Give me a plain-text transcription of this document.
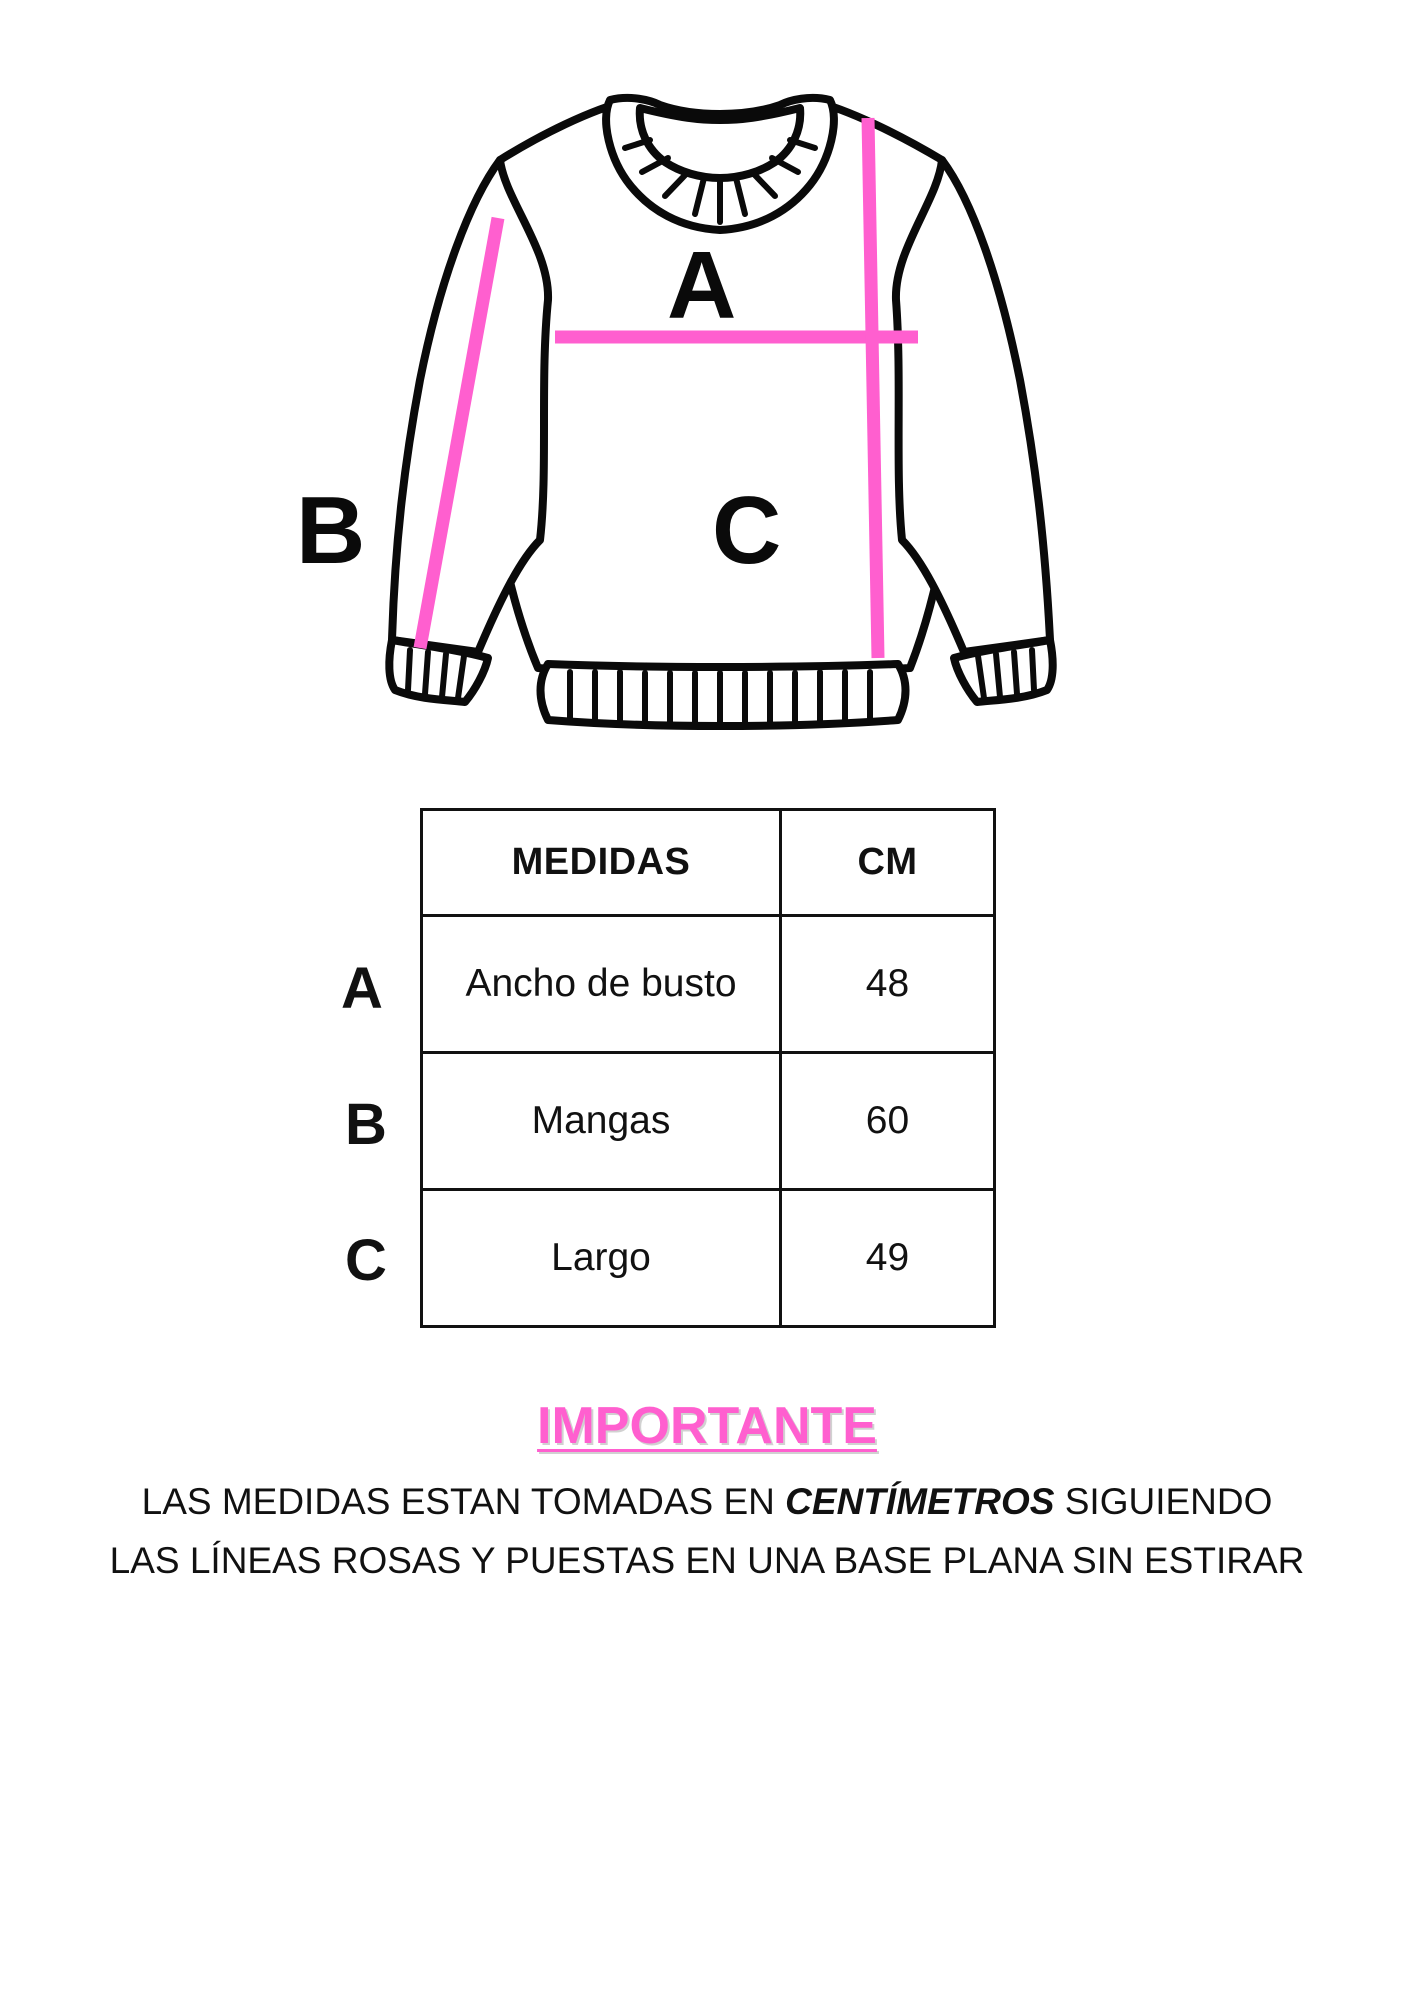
A
B	C
A
B
C
MEDIDAS	CM
Ancho de busto	48
Mangas	60
Largo	49
IMPORTANTE
LAS MEDIDAS ESTAN TOMADAS EN CENTÍMETROS SIGUIENDO
LAS LÍNEAS ROSAS Y PUESTAS EN UNA BASE PLANA SIN ESTIRAR
